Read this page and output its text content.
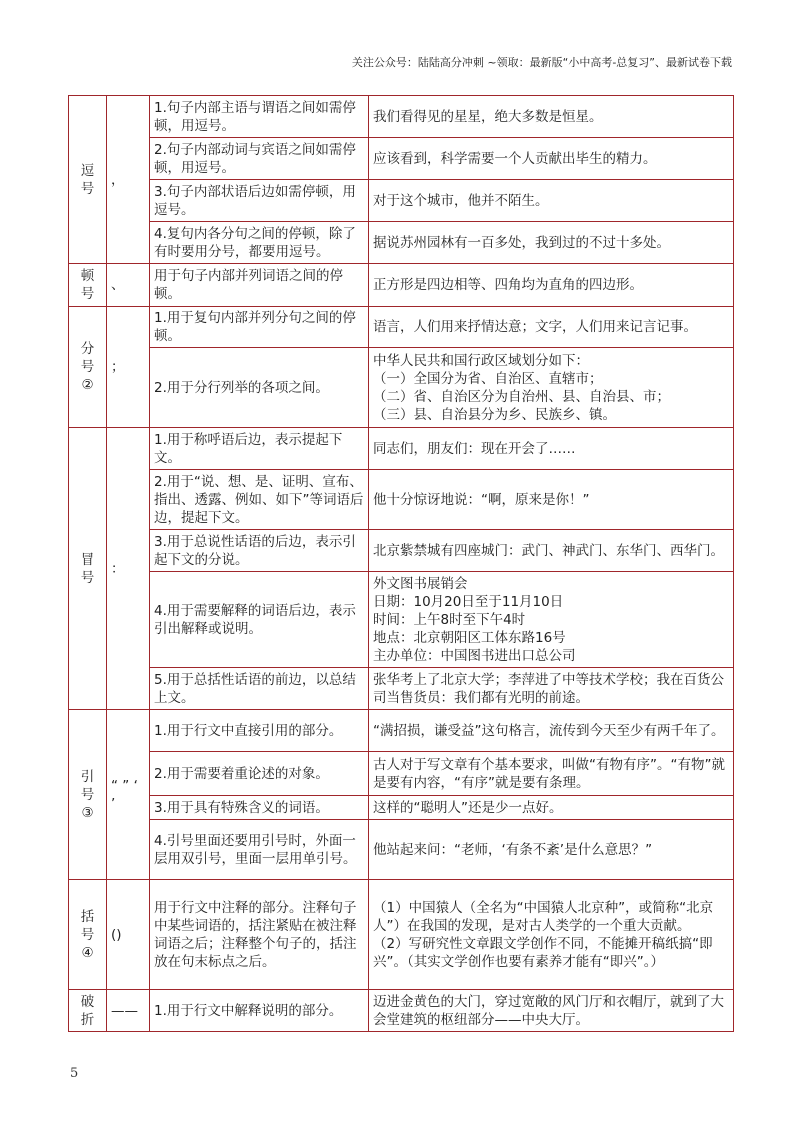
关注公众号：陆陆高分冲刺 ~领取：最新版“小中高考-总复习”、最新试卷下载
逗号	，	1.句子内部主语与谓语之间如需停顿，用逗号。	我们看得见的星星，绝大多数是恒星。
		2.句子内部动词与宾语之间如需停顿，用逗号。	应该看到，科学需要一个人贡献出毕生的精力。
		3.句子内部状语后边如需停顿，用逗号。	对于这个城市，他并不陌生。
		4.复句内各分句之间的停顿，除了有时要用分号，都要用逗号。	据说苏州园林有一百多处，我到过的不过十多处。
顿号	、	用于句子内部并列词语之间的停顿。	正方形是四边相等、四角均为直角的四边形。
分号②	；	1.用于复句内部并列分句之间的停顿。	语言，人们用来抒情达意；文字，人们用来记言记事。
		2.用于分行列举的各项之间。	中华人民共和国行政区域划分如下：
（一）全国分为省、自治区、直辖市；
（二）省、自治区分为自治州、县、自治县、市；
（三）县、自治县分为乡、民族乡、镇。

冒号	：	1.用于称呼语后边，表示提起下文。	同志们，朋友们：现在开会了……
		2.用于“说、想、是、证明、宣布、指出、透露、例如、如下”等词语后边，提起下文。	他十分惊讶地说：“啊，原来是你！”
		3.用于总说性话语的后边，表示引起下文的分说。	北京紫禁城有四座城门：武门、神武门、东华门、西华门。
		4.用于需要解释的词语后边，表示引出解释或说明。	外文图书展销会
日期：10月20日至于11月10日
时间：上午8时至下午4时
地点：北京朝阳区工体东路16号
主办单位：中国图书进出口总公司

		5.用于总括性话语的前边，以总结上文。	张华考上了北京大学；李萍进了中等技术学校；我在百货公司当售货员：我们都有光明的前途。
引号③	“ ” ‘ ’	1.用于行文中直接引用的部分。	“满招损，谦受益”这句格言，流传到今天至少有两千年了。
		2.用于需要着重论述的对象。	古人对于写文章有个基本要求，叫做“有物有序”。“有物”就是要有内容，“有序”就是要有条理。
		3.用于具有特殊含义的词语。	这样的“聪明人”还是少一点好。
		4.引号里面还要用引号时，外面一层用双引号，里面一层用单引号。	他站起来问：“老师，‘有条不紊’是什么意思？”
括号④	()	用于行文中注释的部分。注释句子中某些词语的，括注紧贴在被注释词语之后；注释整个句子的，括注放在句末标点之后。	（1）中国猿人（全名为“中国猿人北京种”，或简称“北京人”）在我国的发现，是对古人类学的一个重大贡献。
（2）写研究性文章跟文学创作不同，不能摊开稿纸搞“即兴”。（其实文学创作也要有素养才能有“即兴”。）

破折	——	1.用于行文中解释说明的部分。	迈进金黄色的大门，穿过宽敞的风门厅和衣帽厅，就到了大会堂建筑的枢纽部分——中央大厅。
5
